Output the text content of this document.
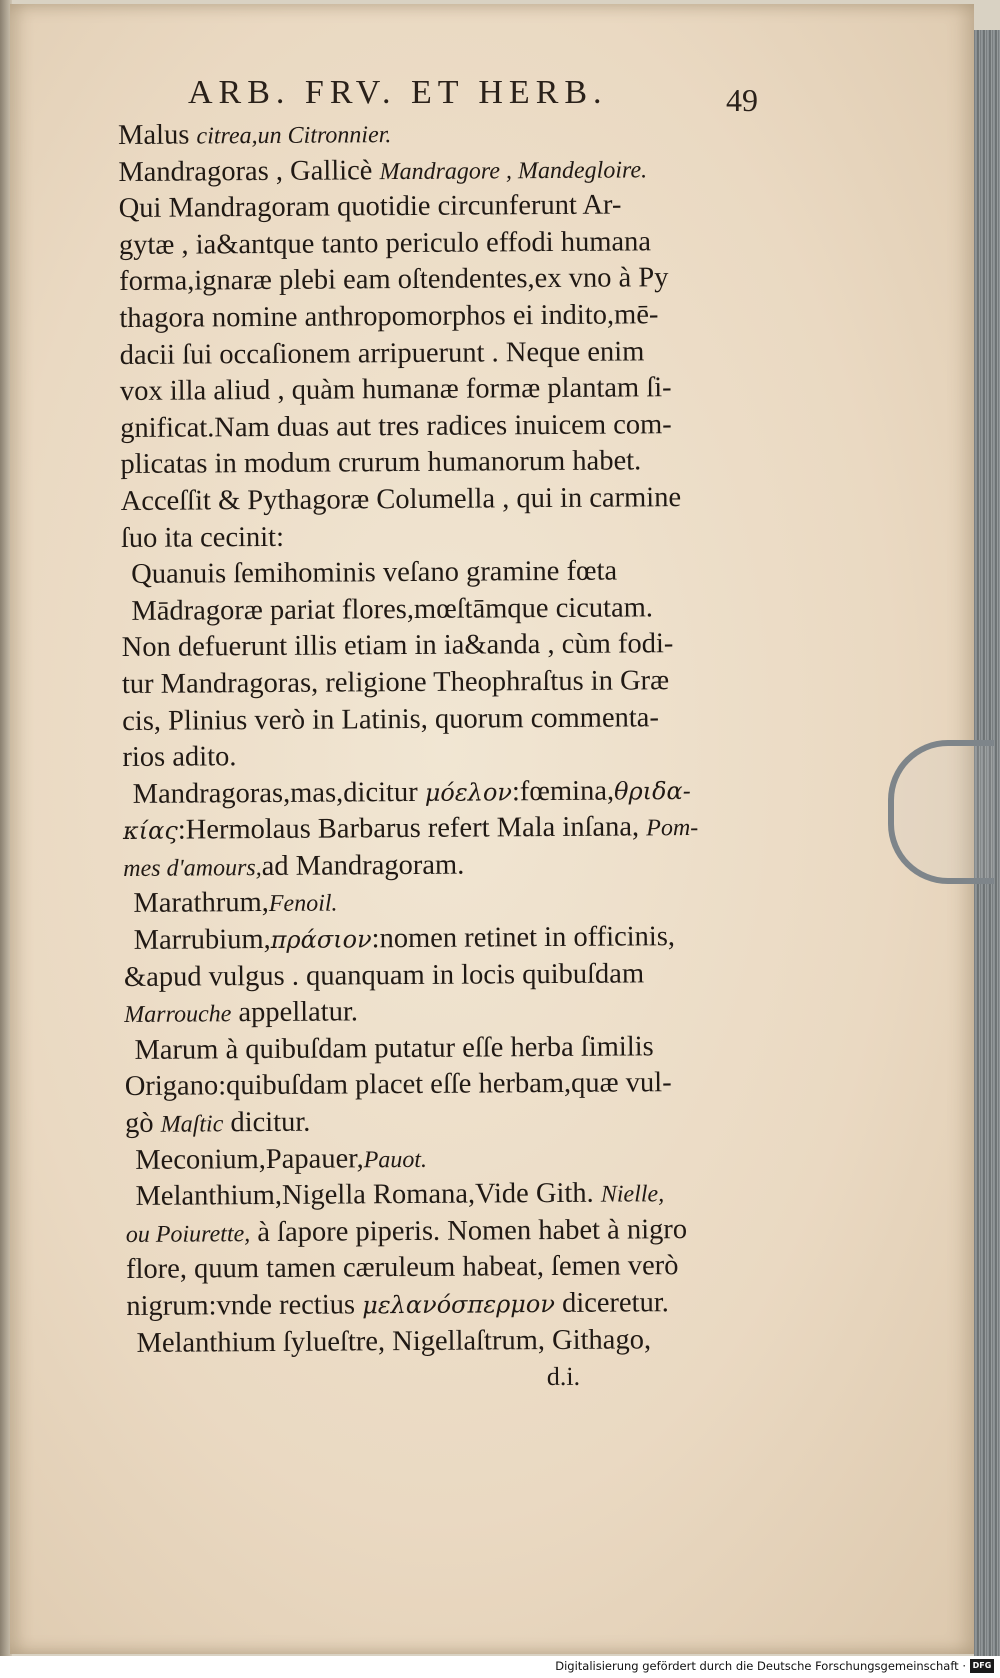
ARB. FRV. ET HERB.	49
Malus citrea,un Citronnier.
Mandragoras , Gallicè Mandragore , Mandegloire.
Qui Mandragoram quotidie circunferunt Ar-
gytæ , ia&antque tanto periculo effodi humana
forma,ignaræ plebi eam oſtendentes,ex vno à Py
thagora nomine anthropomorphos ei indito,mē-
dacii ſui occaſionem arripuerunt . Neque enim
vox illa aliud , quàm humanæ formæ plantam ſi-
gnificat.Nam duas aut tres radices inuicem com-
plicatas in modum crurum humanorum habet.
Acceſſit & Pythagoræ Columella , qui in carmine
ſuo ita cecinit:
Quanuis ſemihominis veſano gramine fœta
Mādragoræ pariat flores,mœſtāmque cicutam.
Non defuerunt illis etiam in ia&anda , cùm fodi-
tur Mandragoras, religione Theophraſtus in Græ
cis, Plinius verò in Latinis, quorum commenta-
rios adito.
Mandragoras,mas,dicitur μόελον:fœmina,θριδα-
κίας:Hermolaus Barbarus refert Mala inſana, Pom-
mes d'amours,ad Mandragoram.
Marathrum,Fenoil.
Marrubium,πράσιον:nomen retinet in officinis,
&apud vulgus . quanquam in locis quibuſdam
Marrouche appellatur.
Marum à quibuſdam putatur eſſe herba ſimilis
Origano:quibuſdam placet eſſe herbam,quæ vul-
gò Maſtic dicitur.
Meconium,Papauer,Pauot.
Melanthium,Nigella Romana,Vide Gith. Nielle,
ou Poiurette, à ſapore piperis. Nomen habet à nigro
flore, quum tamen cæruleum habeat, ſemen verò
nigrum:vnde rectius μελανόσπερμον diceretur.
Melanthium ſylueſtre, Nigellaſtrum, Githago,
d.i.
Digitalisierung gefördert durch die Deutsche Forschungsgemeinschaft · DFG
